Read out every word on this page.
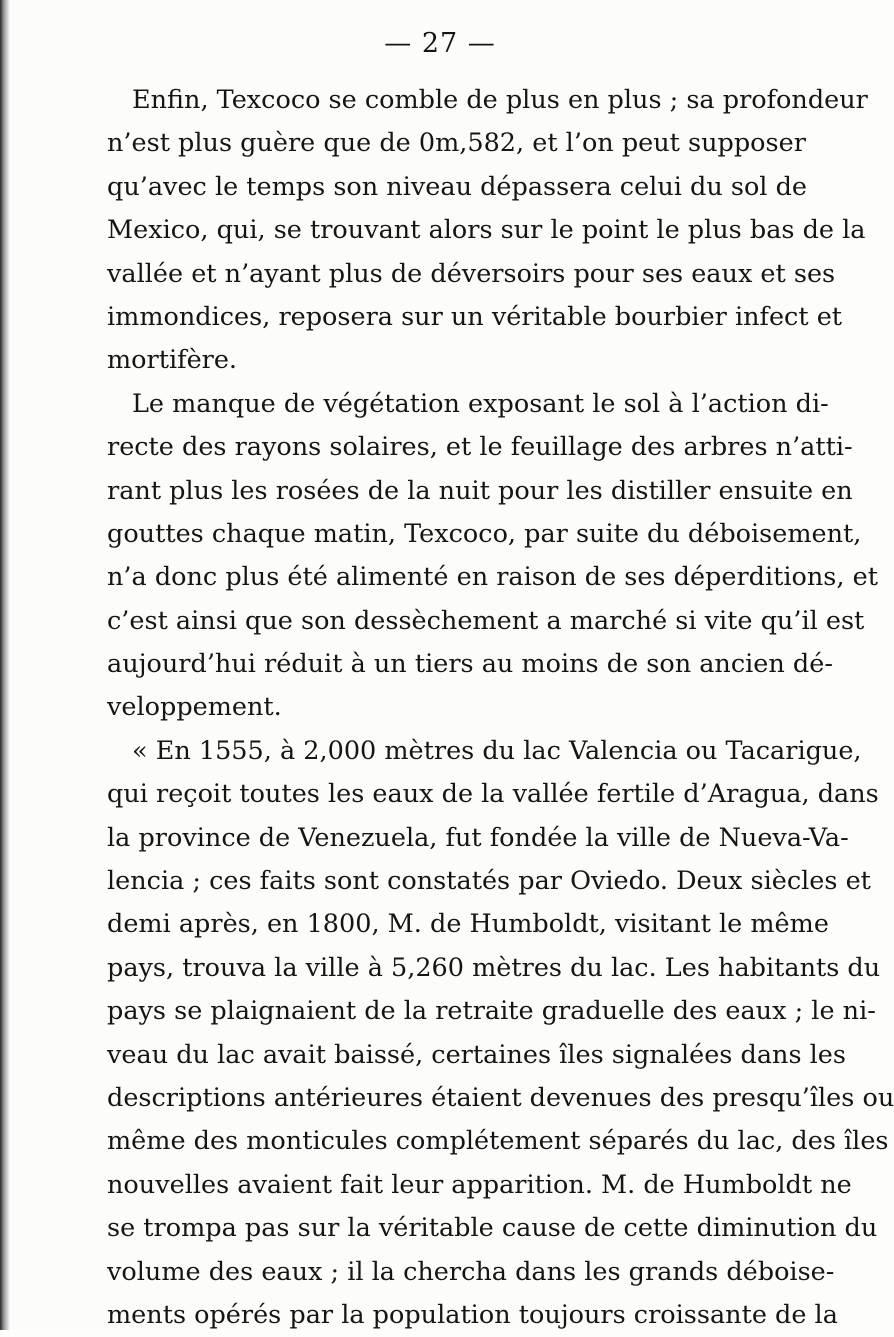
— 27 —
Enfin, Texcoco se comble de plus en plus ; sa profondeur
n’est plus guère que de 0m,582, et l’on peut supposer
qu’avec le temps son niveau dépassera celui du sol de
Mexico, qui, se trouvant alors sur le point le plus bas de la
vallée et n’ayant plus de déversoirs pour ses eaux et ses
immondices, reposera sur un véritable bourbier infect et
mortifère.
Le manque de végétation exposant le sol à l’action di-
recte des rayons solaires, et le feuillage des arbres n’atti-
rant plus les rosées de la nuit pour les distiller ensuite en
gouttes chaque matin, Texcoco, par suite du déboisement,
n’a donc plus été alimenté en raison de ses déperditions, et
c’est ainsi que son dessèchement a marché si vite qu’il est
aujourd’hui réduit à un tiers au moins de son ancien dé-
veloppement.
« En 1555, à 2,000 mètres du lac Valencia ou Tacarigue,
qui reçoit toutes les eaux de la vallée fertile d’Aragua, dans
la province de Venezuela, fut fondée la ville de Nueva-Va-
lencia ; ces faits sont constatés par Oviedo. Deux siècles et
demi après, en 1800, M. de Humboldt, visitant le même
pays, trouva la ville à 5,260 mètres du lac. Les habitants du
pays se plaignaient de la retraite graduelle des eaux ; le ni-
veau du lac avait baissé, certaines îles signalées dans les
descriptions antérieures étaient devenues des presqu’îles ou
même des monticules complétement séparés du lac, des îles
nouvelles avaient fait leur apparition. M. de Humboldt ne
se trompa pas sur la véritable cause de cette diminution du
volume des eaux ; il la chercha dans les grands déboise-
ments opérés par la population toujours croissante de la
